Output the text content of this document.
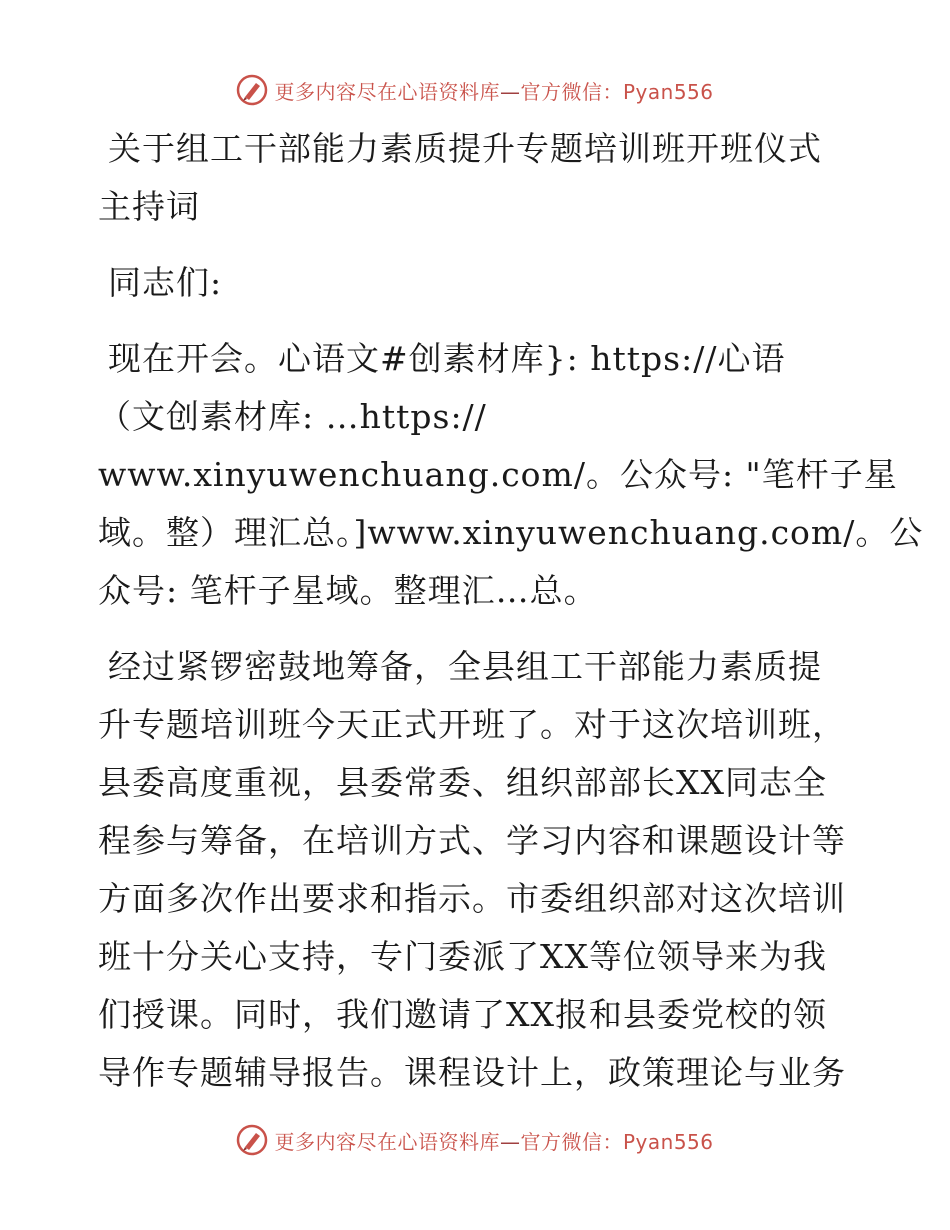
更多内容尽在心语资料库—官方微信：Pyan556
关于组工干部能力素质提升专题培训班开班仪式
主持词
同志们:
现在开会。心语文#创素材库}: https://心语
（文创素材库: …https://
www.xinyuwenchuang.com/。公众号: "笔杆子星
域。整）理汇总。]www.xinyuwenchuang.com/。公
众号: 笔杆子星域。整理汇…总。
经过紧锣密鼓地筹备，全县组工干部能力素质提
升专题培训班今天正式开班了。对于这次培训班，
县委高度重视，县委常委、组织部部长XX同志全
程参与筹备，在培训方式、学习内容和课题设计等
方面多次作出要求和指示。市委组织部对这次培训
班十分关心支持，专门委派了XX等位领导来为我
们授课。同时，我们邀请了XX报和县委党校的领
导作专题辅导报告。课程设计上，政策理论与业务
更多内容尽在心语资料库—官方微信：Pyan556
